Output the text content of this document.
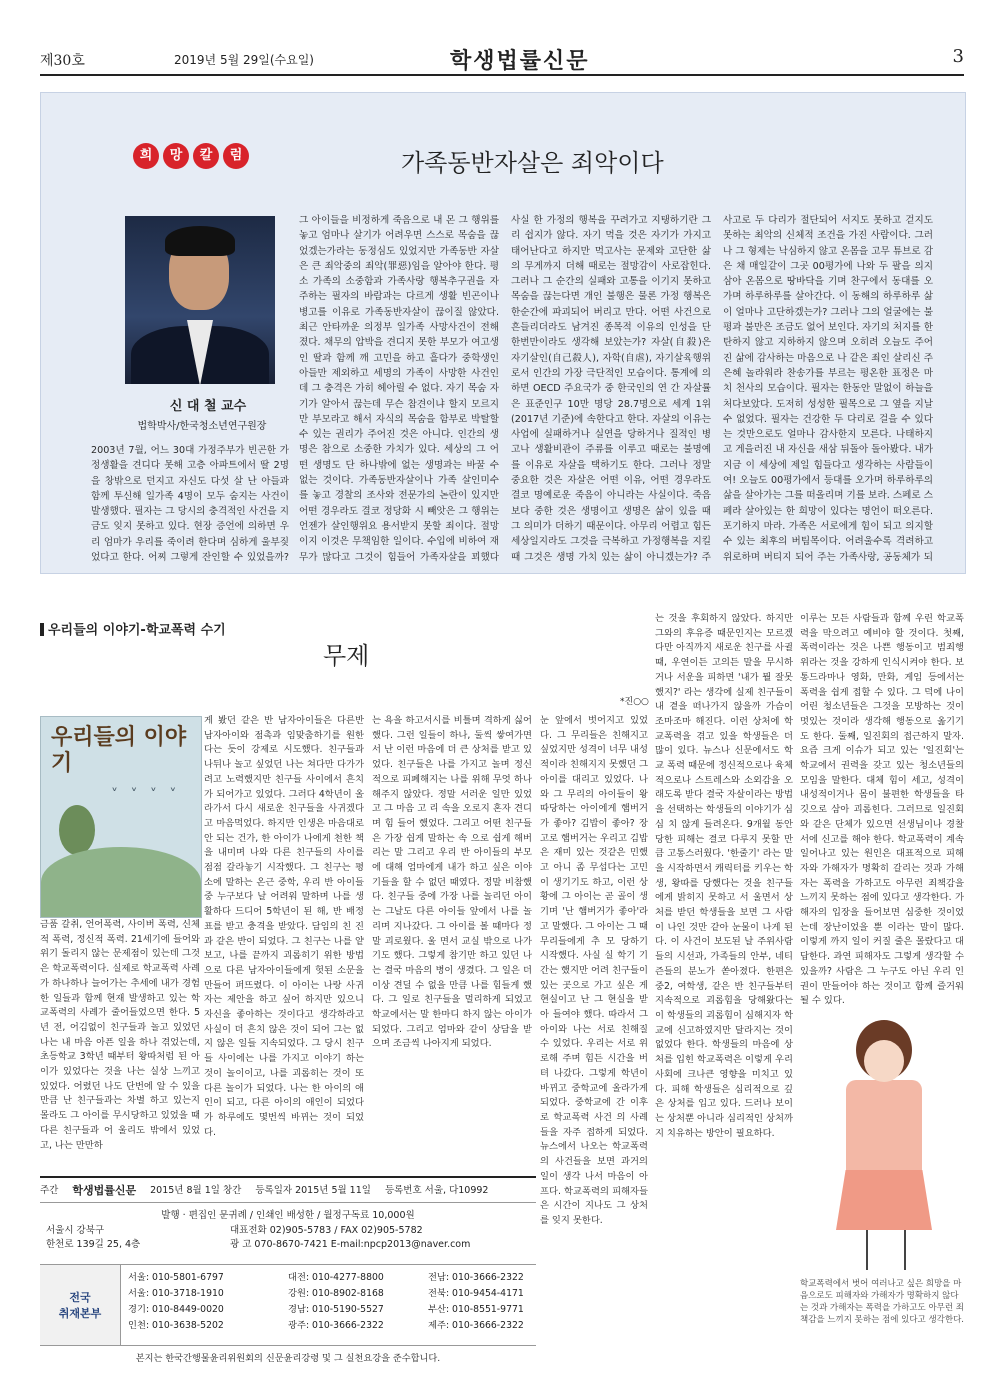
제30호	2019년 5월 29일(수요일)	학생법률신문	3
희	망	칼	럼	가족동반자살은 죄악이다
신 대 철 교수
법학박사/한국청소년연구원장
2003년 7월, 어느 30대 가정주부가 빈곤한 가정생활을 견디다 못해 고층 아파트에서 딸 2명을 창밖으로 던지고 자신도 다섯 살 난 아들과 함께 투신해 일가족 4명이 모두 숨지는 사건이 발생했다. 필자는 그 당시의 충격적인 사건을 지금도 잊지 못하고 있다. 현장 증언에 의하면 우리 엄마가 우리를 죽이려 한다며 심하게 울부짖었다고 한다. 어찌 그렇게 잔인할 수 있었을까?
그 아이들을 비정하게 죽음으로 내 몬 그 행위를 놓고 엄마나 살기가 어려우면 스스로 목숨을 끊었겠는가라는 동정심도 있었지만 가족동반 자살은 큰 죄악중의 죄악(罪惡)임을 알아야 한다. 평소 가족의 소중함과 가족사랑 행복추구권을 자주하는 필자의 바람과는 다르게 생활 빈곤이나 병고를 이유로 가족동반자살이 끊이질 않았다. 최근 안타까운 의정부 일가족 사망사건이 전해졌다. 채무의 압박을 견디지 못한 부모가 여고생인 딸과 함께 깨 고민을 하고 흘다가 중학생인 아들만 제외하고 세명의 가족이 사망한 사건인데 그 충격은 가히 헤아릴 수 없다. 자기 목숨 자기가 알아서 끊는데 무슨 참견이냐 할지 모르지만 부모라고 해서 자식의 목숨을 함부로 박탈할 수 있는 권리가 주어진 것은 아니다. 인간의 생명은 참으로 소중한 가치가 있다. 세상의 그 어떤 생명도 단 하나밖에 없는 생명과는 바꿀 수 없는 것이다. 가족동반자살이나 가족 살인미수를 놓고 경찰의 조사와 전문가의 논란이 있지만 어떤 경우라도 결코 정당화 시 빼앗은 그 행위는 언젠가 살인행위요 용서받지 못할 죄이다. 절망이지 이것은 무책임한 일이다. 수입에 비하여 재무가 많다고 그것이 힘들어 가족자살을 꾀했다
사실 한 가정의 행복을 꾸려가고 지탱하기란 그리 쉽지가 않다. 자기 먹을 것은 자기가 가지고 태어난다고 하지만 먹고사는 문제와 고단한 삶의 무게까지 더해 때로는 절망감이 사로잡힌다. 그러나 그 순간의 실패와 고통을 이기지 못하고 목숨을 끊는다면 개인 불행은 물론 가정 행복은 한순간에 파괴되어 버리고 만다. 어떤 사건으로 흔들리더라도 남겨진 종목적 이유의 인성을 단한번만이라도 생각해 보았는가? 자살(自殺)은 자기살인(自己殺人), 자학(自虐), 자기살육행위로서 인간의 가장 극단적인 모습이다. 통계에 의하면 OECD 주요국가 중 한국인의 연 간 자살률은 표준인구 10만 명당 28.7명으로 세계 1위(2017년 기준)에 속한다고 한다. 자살의 이유는 사업에 실패하거나 실연을 당하거나 질적인 병고나 생활비관이 주류를 이루고 때로는 불명예를 이유로 자살을 택하기도 한다. 그러나 정말 중요한 것은 자살은 어떤 이유, 어떤 경우라도 결코 명예로운 죽음이 아니라는 사실이다. 죽음보다 중한 것은 생명이고 생명은 삶이 있을 때 그 의미가 더하기 때문이다. 아무리 어렵고 힘든 세상일지라도 그것을 극복하고 가정행복을 지킬 때 그것은 생명 가치 있는 삶이 아니겠는가? 주
사고로 두 다리가 절단되어 서지도 못하고 걷지도 못하는 최악의 신체적 조건을 가진 사람이다. 그러나 그 형제는 낙심하지 않고 온몸을 고무 튜브로 감은 채 매일같이 그곳 00평가에 나와 두 팔을 의지 삼아 온몸으로 땅바닥을 기며 찬구에서 동대를 오가며 하루하루를 살아간다. 이 동해의 하루하루 삶이 얼마나 고단하겠는가? 그러나 그의 얼굴에는 불평과 불만은 조금도 없어 보인다. 자기의 처지를 한탄하지 않고 지하하지 않으며 오히려 오늘도 주어진 삶에 감사하는 마음으로 나 같은 죄인 살리신 주 은혜 놀라워라 찬송가를 부르는 평온한 표정은 마치 천사의 모습이다. 필자는 한동안 말없이 하늘을 처다보았다. 도저히 성성한 필목으로 그 옆을 지날 수 없었다. 필자는 건강한 두 다리로 걸을 수 있다는 것만으로도 얼마나 감사한지 모른다. 나태하지고 게을러진 내 자신을 새삼 뒤돌아 돌아봤다. 내가 지금 이 세상에 제일 힘들다고 생각하는 사람들이여! 오늘도 00평가에서 등대를 오가며 하루하루의 삶을 살아가는 그를 떠올리며 기를 보라. 스페로 스페라 살아있는 한 희망이 있다는 명언이 떠오른다. 포기하지 마라. 가족은 서로에게 힘이 되고 의지할 수 있는 최후의 버팀목이다. 어려울수록 격려하고 위로하며 버티지 되어 주는 가족사랑, 공동체가 되
우리들의 이야기-학교폭력 수기
무제
*진○○
우리들의 이야기
˅ ˅ ˅ ˅
금품 갈취, 언어폭력, 사이버 폭력, 신체적 폭력, 정신적 폭력. 21세기에 들어와 위기 돌리지 않는 문제점이 있는데 그것은 학교폭력이다. 실제로 학교폭력 사례가 하나하나 늘어가는 추세에 내가 경험한 일들과 함께 현재 발생하고 있는 학교폭력의 사례가 줄어들었으면 한다. 5년 전, 어김없이 친구들과 놀고 있었던 나는 내 마음 아픈 일을 하나 겪었는데, 초등학교 3학년 때부터 왕따처럼 된 아이가 있었다는 것을 나는 실상 느끼고 있었다. 어렸던 나도 단번에 알 수 있을 만큼 난 친구들과는 차별 하고 있는지 몰라도 그 아이를 무시당하고 있었을 때 다른 친구들과 어 울리도 밖에서 있었고, 나는 만만하
게 봤던 같은 반 남자아이들은 다른반 남자아이와 점촉과 임맞춤하기를 원한다는 듯이 강제로 시도했다. 친구들과 나뒤나 놀고 싶었던 나는 쳐다만 다가가려고 노력했지만 친구들 사이에서 흔치가 되어가고 있었다. 그러다 4학년이 올라가서 다시 새로운 친구들을 사귀겠다고 마음먹었다. 하지만 인생은 마음대로 안 되는 건가, 한 아이가 나에게 천한 책을 내미며 나와 다른 친구들의 사이를 점점 갈라놓기 시작했다. 그 친구는 평소에 말하는 온근 중학, 우리 반 아이들 중 누구보다 날 어려워 말하며 나를 생활하다 드디어 5학년이 된 해, 반 배정표를 받고 충격을 받았다. 담임의 친 진과 같은 반이 되었다. 그 친구는 나를 얕보고, 나를 끝까지 괴롭히기 위한 방법으로 다른 남자아이들에게 헛된 소문을 만들어 퍼뜨렸다. 이 아이는 나랑 사귀자는 제안을 하고 싶어 하지만 있으니 자신을 좋아하는 것이다고 생각하라고 사실이 더 흔치 않은 것이 되어 그는 없지 않은 일들 지속되었다. 그 당시 친구들 사이에는 나를 가지고 이야기 하는 것이 놀이이고, 나를 괴롭히는 것이 또 다른 놀이가 되었다. 나는 한 아이의 애인이 되고, 다른 아이의 애인이 되었다가 하루에도 몇번씩 바뀌는 것이 되었다.
는 욕을 하고서시를 비틀며 격하게 싫어했다. 그런 일들이 하나, 둘씩 쌓여가면서 난 이런 마음에 더 큰 상처를 받고 있었다. 친구들은 나를 가지고 놀며 정신적으로 피폐해지는 나를 위해 무엇 하나 해주지 않았다. 정말 서러운 일만 있었고 그 마음 고 리 속을 오로지 혼자 견디며 힘 들어 했었다. 그리고 어떤 친구들은 가장 쉽게 말하는 속 으로 쉽게 해버리는 말 그리고 우리 반 아이들의 부모에 대해 엄마에게 내가 하고 싶은 이야기들을 할 수 없던 때였다. 정말 비참했다. 친구들 중에 가장 나를 놀리던 아이는 그날도 다른 아이들 앞에서 나를 놀리며 지나갔다. 그 아이를 볼 때마다 정말 괴로웠다. 울 면서 교실 밖으로 나가기도 했다. 그렇게 참기만 하고 있던 나는 결국 마음의 병이 생겼다. 그 일은 더 이상 견딜 수 없을 만큼 나를 힘들게 했다. 그 일로 친구들을 멀리하게 되었고 학교에서는 말 한마디 하지 않는 아이가 되었다. 그리고 엄마와 같이 상담을 받으며 조금씩 나아지게 되었다.
눈 앞에서 벗어지고 있었다. 그 무리들은 친해지고 싶었지만 성격이 너무 내성적이라 친해지지 못했던 그 아이를 대리고 있었다. 나와 그 무리의 아이들이 왕따당하는 아이에게 햄버거가 좋아? 김밥이 좋아? 장고로 햄버거는 우리고 김밥은 재미 있는 것같은 민했고 아니 좀 무섭다는 고민이 생기기도 하고, 이런 상황에 그 아이는 곧 골이 생기며 '난 햄버거가 좋아'라고 말했다. 그 아이는 그 때 무리들에게 추 모 당하기 시작했다. 사실 실 학기 기간는 했지만 어려 친구들이 있는 곳으로 가고 싶은 게 현실이고 난 그 현실을 받아 들여야 했다. 따라서 그 아이와 나는 서로 친해질 수 있었다. 우리는 서로 위로해 주며 힘든 시간을 버텨 나갔다. 그렇게 학년이 바뀌고 중학교에 올라가게 되었다. 중학교에 간 이후로 학교폭력 사건 의 사례 들을 자주 접하게 되었다. 뉴스에서 나오는 학교폭력의 사건들을 보면 과거의 일이 생각 나서 마음이 아프다. 학교폭력의 피해자들은 시간이 지나도 그 상처를 잊지 못한다.
는 것을 후회하지 않았다. 하지만 그와의 후유증 때문인지는 모르겠다만 아직까지 새로운 친구를 사귈 때, 우연이든 고의든 말을 무시하거나 서운을 피하면 '내가 뭘 잘못했지?' 라는 생각에 실제 친구들이 내 곁을 떠나가지 않을까 가슴이 조마조마 해진다. 이런 상처에 학교폭력을 겪고 있을 학생들은 더 많이 있다. 뉴스나 신문에서도 학교 폭력 때문에 정신적으로나 육체적으로나 스트레스와 소외감을 오래도록 받다 결국 자살이라는 방법을 선택하는 학생들의 이야기가 심심 치 않게 들려온다. 9개월 동안 당한 피해는 결코 다루지 못할 만큼 고통스러웠다. '한줄기' 라는 말을 시작하면서 캐릭터를 키우는 학생, 왕따를 당했다는 것을 친구들에게 밝히지 못하고 서 울면서 상처를 받던 학생들을 보면 그 사람이 나인 것만 같아 눈물이 나게 된다. 이 사건이 보도된 날 주위사람들의 시선과, 가족들의 안부, 네티즌들의 분노가 쏟아졌다. 한편은 중2, 여학생, 같은 반 친구들부터 지속적으로 괴롭힘을 당해왔다는 이 학생들의 괴롭힘이 심해지자 학교에 신고하였지만 달라지는 것이 없었다 한다. 학생들의 마음에 상처를 입힌 학교폭력은 이렇게 우리 사회에 크나큰 영향을 미치고 있다. 피해 학생들은 심리적으로 깊은 상처를 입고 있다. 드러나 보이는 상처뿐 아니라 심리적인 상처까지 치유하는 방안이 필요하다.
이루는 모든 사람들과 함께 우린 학교폭력을 막으려고 예비야 할 것이다. 첫째, 폭력이라는 것은 나쁜 행동이고 범죄행위라는 것을 강하게 인식시켜야 한다. 보통드라마나 영화, 만화, 게임 등에서는 폭력을 쉽게 접할 수 있다. 그 덕에 나이 어린 청소년들은 그것을 모방하는 것이 멋있는 것이라 생각해 행동으로 옮기기도 한다. 둘째, 일진회의 접근하지 말자. 요즘 크게 이슈가 되고 있는 '일진회'는 학교에서 권력을 갖고 있는 청소년들의 모임을 말한다. 대체 힘이 세고, 성격이 내성적이거나 몸이 불편한 학생들을 타깃으로 삼아 괴롭힌다. 그러므로 일진회와 같은 단체가 있으면 선생님이나 경찰서에 신고를 해야 한다. 학교폭력이 계속 일어나고 있는 원인은 대표적으로 피해자와 가해자가 명확히 갈리는 것과 가해자는 폭력을 가하고도 아무런 죄책감을 느끼지 못하는 점에 있다고 생각한다. 가해자의 입장을 들어보면 심중한 것이었는데 장난이었을 뿐 이라는 말이 많다. 이렇게 까지 일이 커질 줄은 몰랐다고 대답한다. 과연 피해자도 그렇게 생각할 수 있을까? 사람은 그 누구도 아닌 우리 인권이 만들어야 하는 것이고 함께 즐거워 될 수 있다.
주간 학생법률신문 2015년 8월 1일 창간 등록일자 2015년 5월 11일 등록번호 서울, 다10992
발행 · 편집인 문귀례 / 인쇄인 배성한 / 월정구독료 10,000원
서울시 강북구
한천로 139길 25, 4층
대표전화 02)905-5783 / FAX 02)905-5782
광 고 070-8670-7421 E-mail:npcp2013@naver.com
전국
취재본부
서울: 010-5801-6797	대전: 010-4277-8800	전남: 010-3666-2322
서울: 010-3718-1910	강원: 010-8902-8168	전북: 010-9454-4171
경기: 010-8449-0020	경남: 010-5190-5527	부산: 010-8551-9771
인천: 010-3638-5202	광주: 010-3666-2322	제주: 010-3666-2322
본지는 한국간행물윤리위원회의 신문윤리강령 및 그 실천요강을 준수합니다.
학교폭력에서 벗어 여러나고 싶은 희망을 마음으로도 피해자와 가해자가 명확하지 않다는 것과 가해자는 폭력을 가하고도 아무런 죄책감을 느끼지 못하는 점에 있다고 생각한다.
